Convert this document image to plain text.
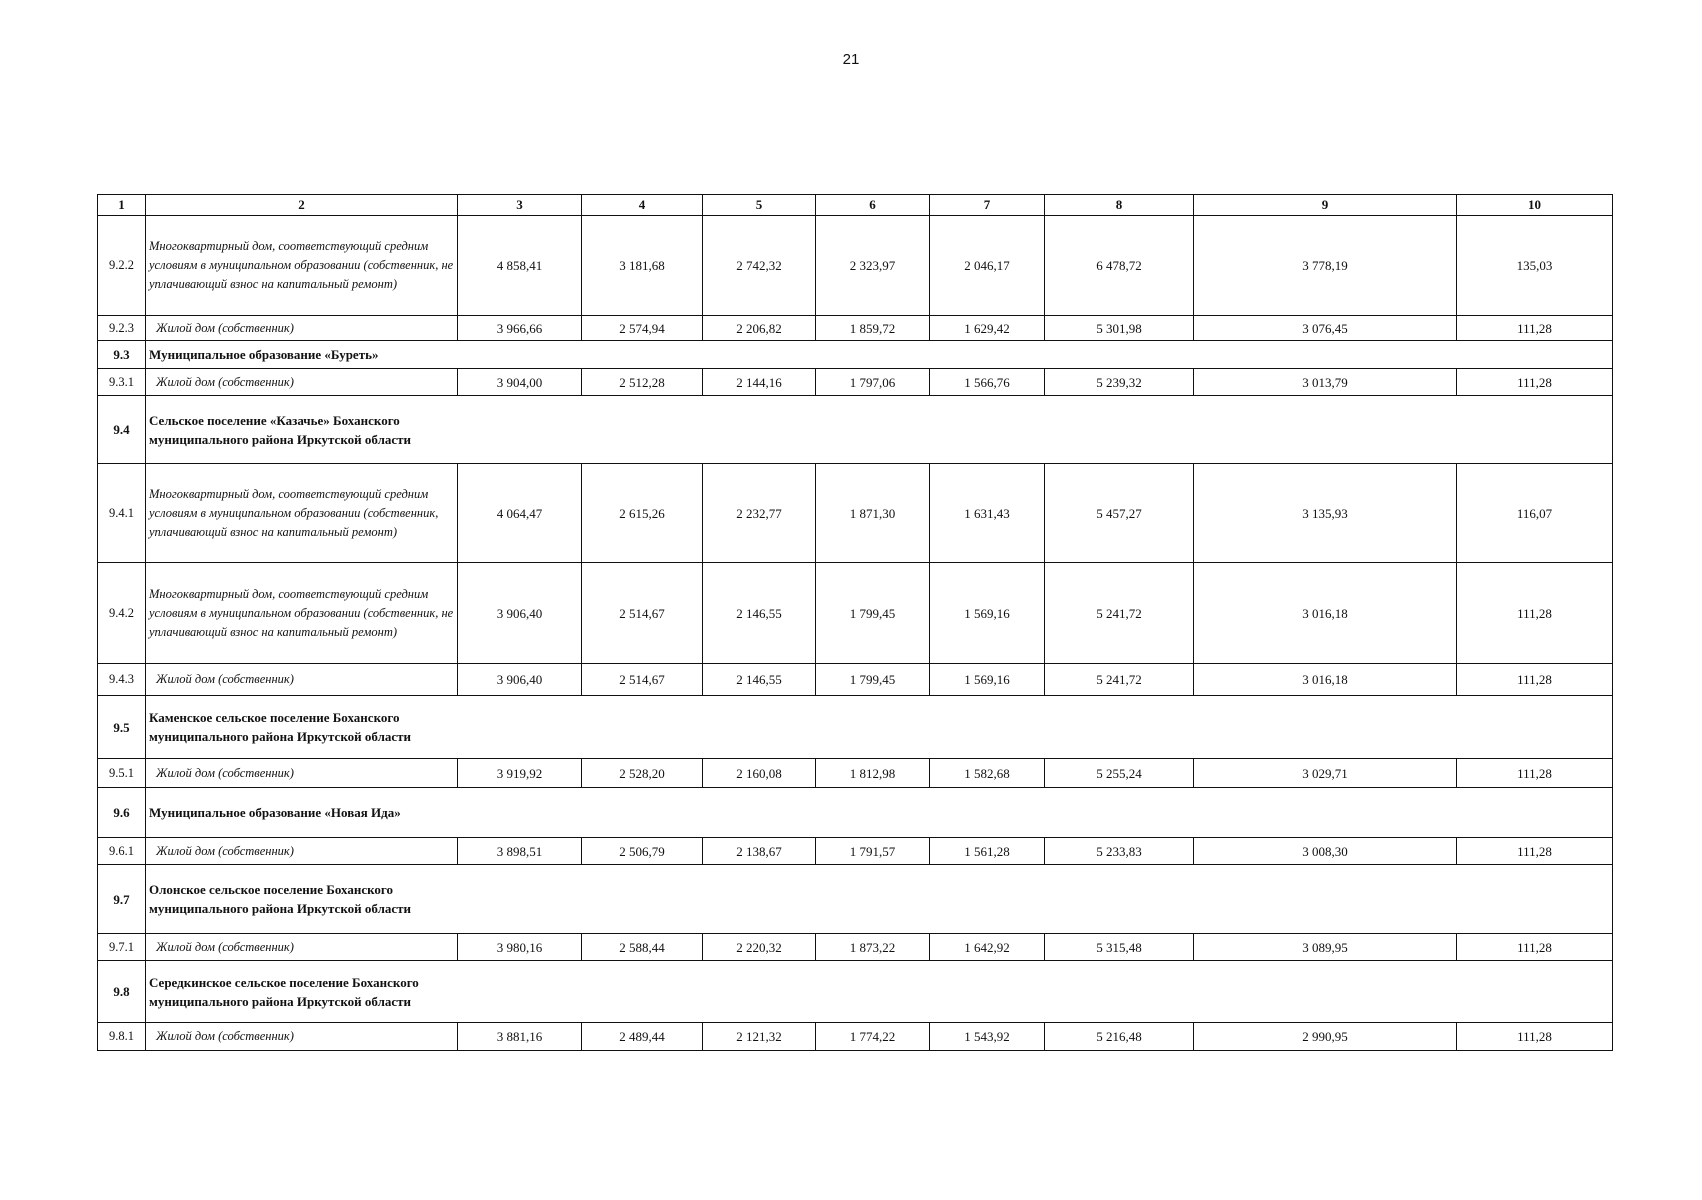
21
1	2	3	4	5	6	7	8	9	10
9.2.2	Многоквартирный дом, соответствующий средним условиям в муниципальном образовании (собственник, не уплачивающий взнос на капитальный ремонт)	4 858,41	3 181,68	2 742,32	2 323,97	2 046,17	6 478,72	3 778,19	135,03
9.2.3	Жилой дом (собственник)	3 966,66	2 574,94	2 206,82	1 859,72	1 629,42	5 301,98	3 076,45	111,28
9.3	Муниципальное образование «Буреть»								
9.3.1	Жилой дом (собственник)	3 904,00	2 512,28	2 144,16	1 797,06	1 566,76	5 239,32	3 013,79	111,28
9.4	Сельское поселение «Казачье» Боханского муниципального района Иркутской области								
9.4.1	Многоквартирный дом, соответствующий средним условиям в муниципальном образовании (собственник, уплачивающий взнос на капитальный ремонт)	4 064,47	2 615,26	2 232,77	1 871,30	1 631,43	5 457,27	3 135,93	116,07
9.4.2	Многоквартирный дом, соответствующий средним условиям в муниципальном образовании (собственник, не уплачивающий взнос на капитальный ремонт)	3 906,40	2 514,67	2 146,55	1 799,45	1 569,16	5 241,72	3 016,18	111,28
9.4.3	Жилой дом (собственник)	3 906,40	2 514,67	2 146,55	1 799,45	1 569,16	5 241,72	3 016,18	111,28
9.5	Каменское сельское поселение Боханского муниципального района Иркутской области								
9.5.1	Жилой дом (собственник)	3 919,92	2 528,20	2 160,08	1 812,98	1 582,68	5 255,24	3 029,71	111,28
9.6	Муниципальное образование «Новая Ида»								
9.6.1	Жилой дом (собственник)	3 898,51	2 506,79	2 138,67	1 791,57	1 561,28	5 233,83	3 008,30	111,28
9.7	Олонское сельское поселение Боханского муниципального района Иркутской области								
9.7.1	Жилой дом (собственник)	3 980,16	2 588,44	2 220,32	1 873,22	1 642,92	5 315,48	3 089,95	111,28
9.8	Середкинское сельское поселение Боханского муниципального района Иркутской области								
9.8.1	Жилой дом (собственник)	3 881,16	2 489,44	2 121,32	1 774,22	1 543,92	5 216,48	2 990,95	111,28
